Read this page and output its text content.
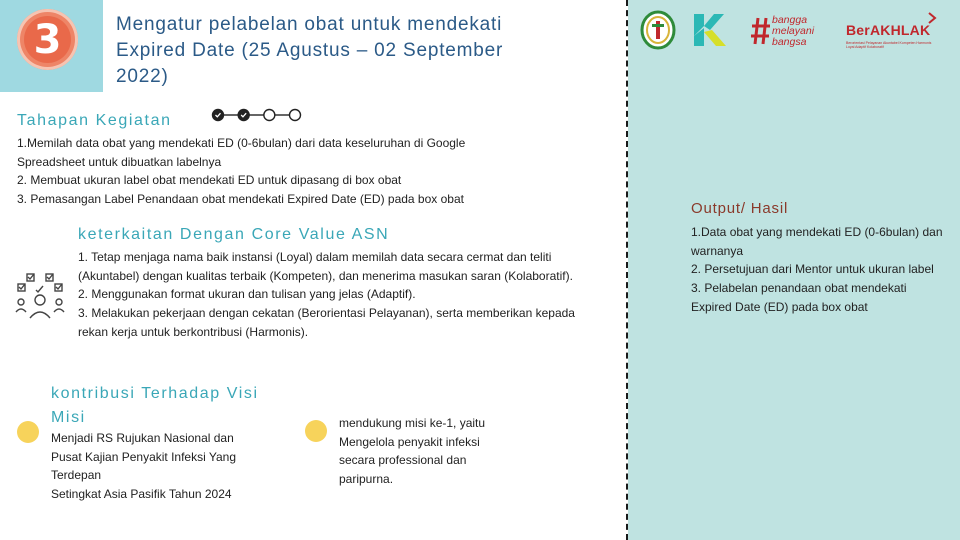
3	Mengatur pelabelan obat untuk mendekati Expired Date (25 Agustus – 02 September 2022)
Tahapan Kegiatan
1.Memilah data obat yang mendekati ED (0-6bulan) dari data keseluruhan di Google Spreadsheet untuk dibuatkan labelnya
2. Membuat ukuran label obat mendekati ED untuk dipasang di box obat
3. Pemasangan Label Penandaan obat mendekati Expired Date (ED) pada box obat
keterkaitan Dengan Core Value ASN
1. Tetap menjaga nama baik instansi (Loyal) dalam memilah data secara cermat dan teliti (Akuntabel) dengan kualitas terbaik (Kompeten), dan menerima masukan saran (Kolaboratif).
2. Menggunakan format ukuran dan tulisan yang jelas (Adaptif).
3. Melakukan pekerjaan dengan cekatan (Berorientasi Pelayanan), serta memberikan kepada rekan kerja untuk berkontribusi (Harmonis).
kontribusi Terhadap Visi Misi
Menjadi RS Rujukan Nasional dan
Pusat Kajian Penyakit Infeksi Yang
Terdepan
Setingkat Asia Pasifik Tahun 2024
mendukung misi ke-1, yaitu
Mengelola penyakit infeksi
secara professional dan
paripurna.
Output/ Hasil
1.Data obat yang mendekati ED (0-6bulan) dan warnanya
2. Persetujuan dari Mentor untuk ukuran label
3. Pelabelan penandaan obat mendekati Expired Date (ED) pada box obat
bangga
melayani
bangsa
BerAKHLAK
Berorientasi Pelayanan Akuntabel Kompeten Harmonis Loyal Adaptif Kolaboratif
